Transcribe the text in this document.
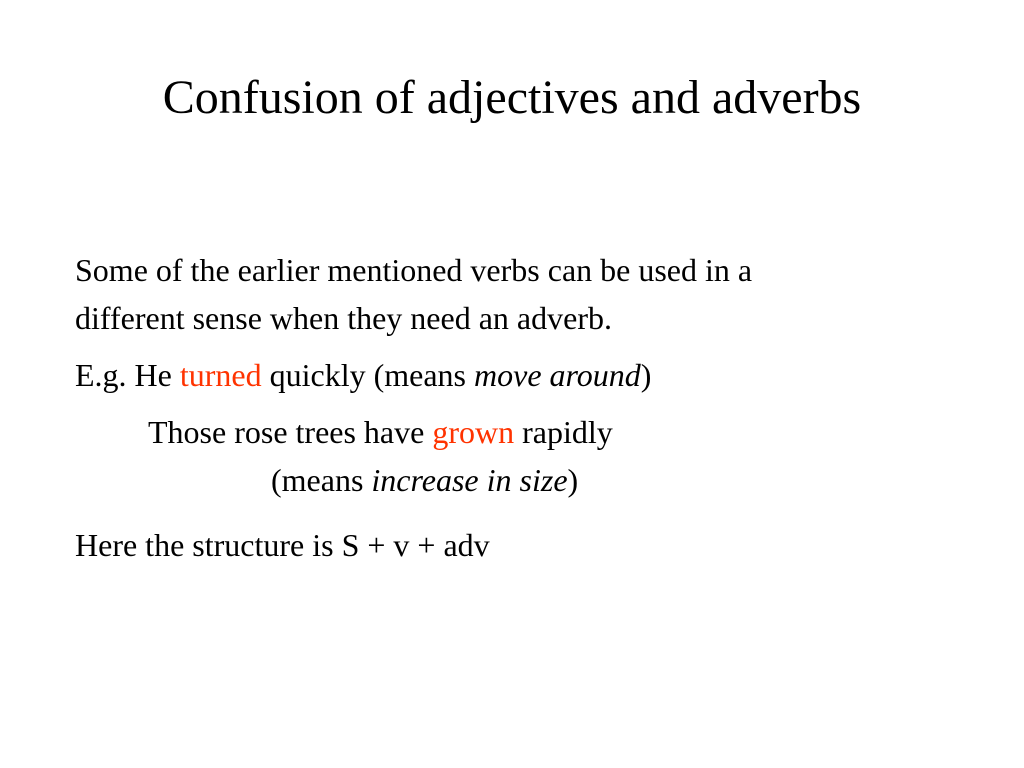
Confusion of adjectives and adverbs
Some of the earlier mentioned verbs can be used in a
different sense when they need an adverb.
E.g. He turned quickly (means move around)
Those rose trees have grown rapidly
(means increase in size)
Here the structure is S + v + adv
